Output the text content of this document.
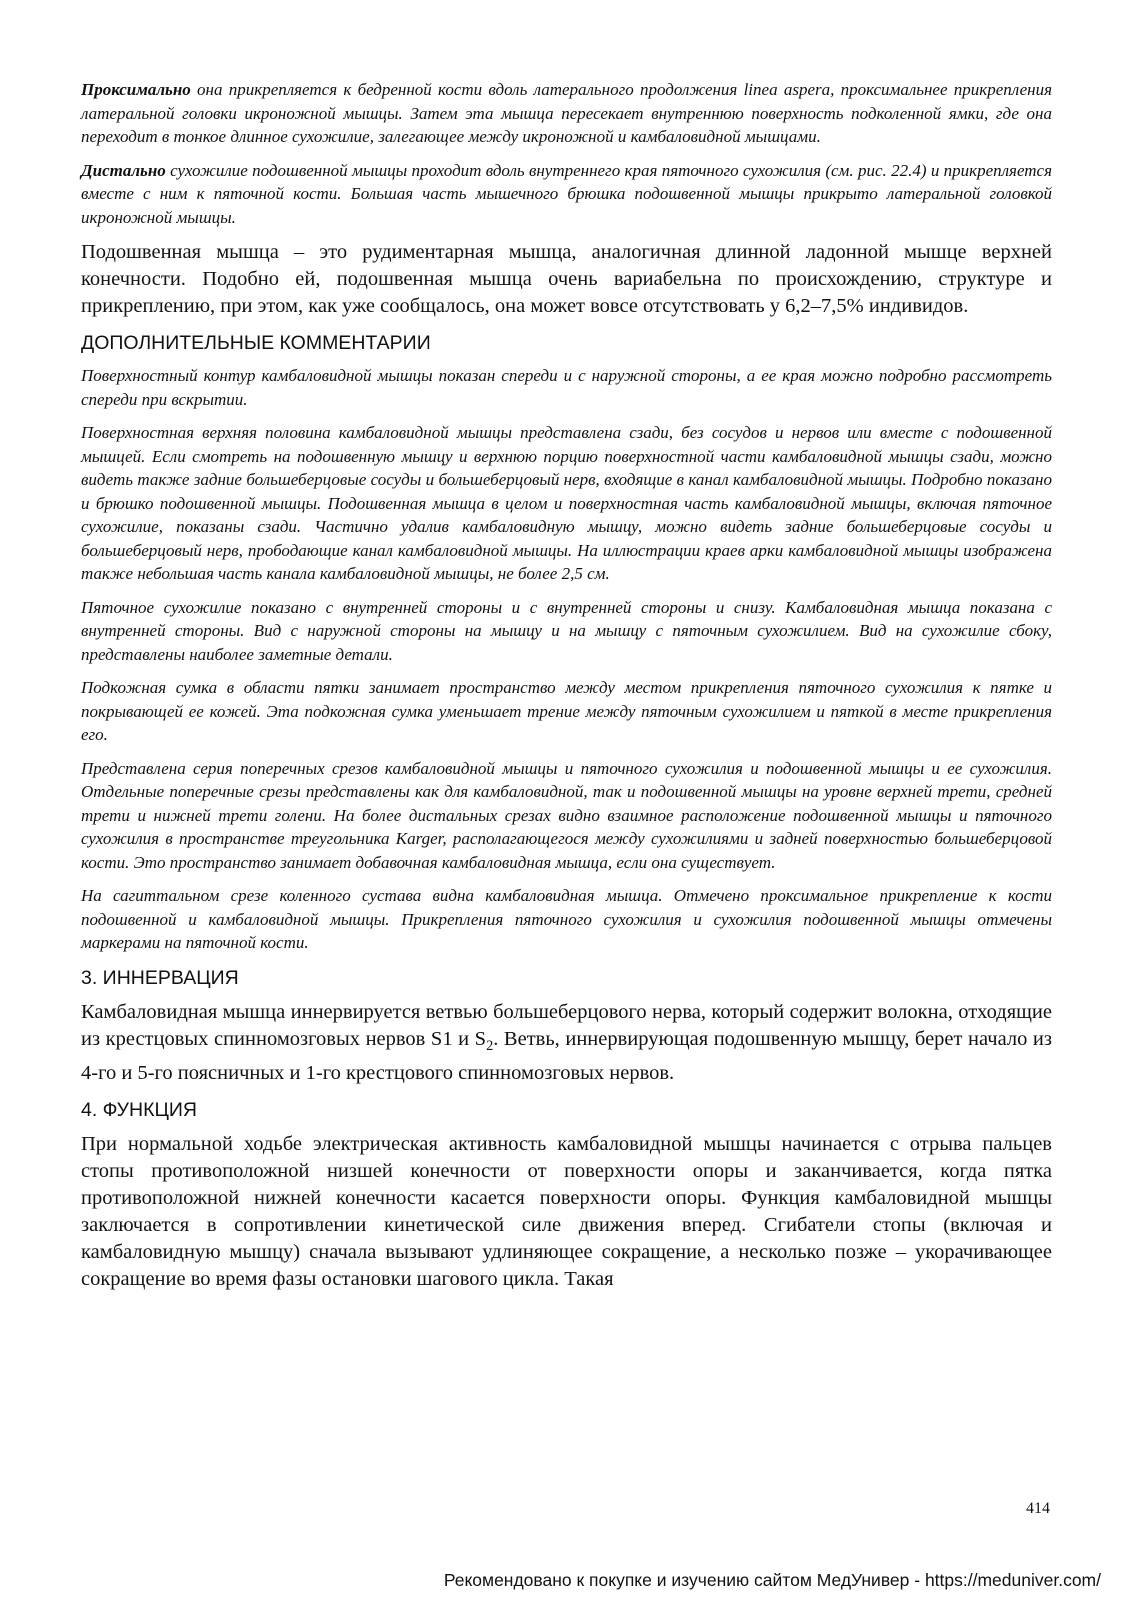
Проксимально она прикрепляется к бедренной кости вдоль латерального продолжения linea aspera, проксимальнее прикрепления латеральной головки икроножной мышцы. Затем эта мышца пересекает внутреннюю поверхность подколенной ямки, где она переходит в тонкое длинное сухожилие, залегающее между икроножной и камбаловидной мышцами.

Дистально сухожилие подошвенной мышцы проходит вдоль внутреннего края пяточного сухожилия (см. рис. 22.4) и прикрепляется вместе с ним к пяточной кости. Большая часть мышечного брюшка подошвенной мышцы прикрыто латеральной головкой икроножной мышцы.

Подошвенная мышца – это рудиментарная мышца, аналогичная длинной ладонной мышце верхней конечности. Подобно ей, подошвенная мышца очень вариабельна по происхождению, структуре и прикреплению, при этом, как уже сообщалось, она может вовсе отсутствовать у 6,2–7,5% индивидов.

ДОПОЛНИТЕЛЬНЫЕ КОММЕНТАРИИ

Поверхностный контур камбаловидной мышцы показан спереди и с наружной стороны, а ее края можно подробно рассмотреть спереди при вскрытии.

Поверхностная верхняя половина камбаловидной мышцы представлена сзади, без сосудов и нервов или вместе с подошвенной мышцей. Если смотреть на подошвенную мышцу и верхнюю порцию поверхностной части камбаловидной мышцы сзади, можно видеть также задние большеберцовые сосуды и большеберцовый нерв, входящие в канал камбаловидной мышцы. Подробно показано и брюшко подошвенной мышцы. Подошвенная мышца в целом и поверхностная часть камбаловидной мышцы, включая пяточное сухожилие, показаны сзади. Частично удалив камбаловидную мышцу, можно видеть задние большеберцовые сосуды и большеберцовый нерв, прободающие канал камбаловидной мышцы. На иллюстрации краев арки камбаловидной мышцы изображена также небольшая часть канала камбаловидной мышцы, не более 2,5 см.

Пяточное сухожилие показано с внутренней стороны и с внутренней стороны и снизу. Камбаловидная мышца показана с внутренней стороны. Вид с наружной стороны на мышцу и на мышцу с пяточным сухожилием. Вид на сухожилие сбоку, представлены наиболее заметные детали.

Подкожная сумка в области пятки занимает пространство между местом прикрепления пяточного сухожилия к пятке и покрывающей ее кожей. Эта подкожная сумка уменьшает трение между пяточным сухожилием и пяткой в месте прикрепления его.

Представлена серия поперечных срезов камбаловидной мышцы и пяточного сухожилия и подошвенной мышцы и ее сухожилия. Отдельные поперечные срезы представлены как для камбаловидной, так и подошвенной мышцы на уровне верхней трети, средней трети и нижней трети голени. На более дистальных срезах видно взаимное расположение подошвенной мышцы и пяточного сухожилия в пространстве треугольника Karger, располагающегося между сухожилиями и задней поверхностью большеберцовой кости. Это пространство занимает добавочная камбаловидная мышца, если она существует.

На сагиттальном срезе коленного сустава видна камбаловидная мышца. Отмечено проксимальное прикрепление к кости подошвенной и камбаловидной мышцы. Прикрепления пяточного сухожилия и сухожилия подошвенной мышцы отмечены маркерами на пяточной кости.

3. ИННЕРВАЦИЯ

Камбаловидная мышца иннервируется ветвью большеберцового нерва, который содержит волокна, отходящие из крестцовых спинномозговых нервов S1 и $S_2$. Ветвь, иннервирующая подошвенную мышцу, берет начало из 4-го и 5-го поясничных и 1-го крестцового спинномозговых нервов.

4. ФУНКЦИЯ

При нормальной ходьбе электрическая активность камбаловидной мышцы начинается с отрыва пальцев стопы противоположной низшей конечности от поверхности опоры и заканчивается, когда пятка противоположной нижней конечности касается поверхности опоры. Функция камбаловидной мышцы заключается в сопротивлении кинетической силе движения вперед. Сгибатели стопы (включая и камбаловидную мышцу) сначала вызывают удлиняющее сокращение, а несколько позже – укорачивающее сокращение во время фазы остановки шагового цикла. Такая

414
Рекомендовано к покупке и изучению сайтом МедУнивер - https://meduniver.com/
